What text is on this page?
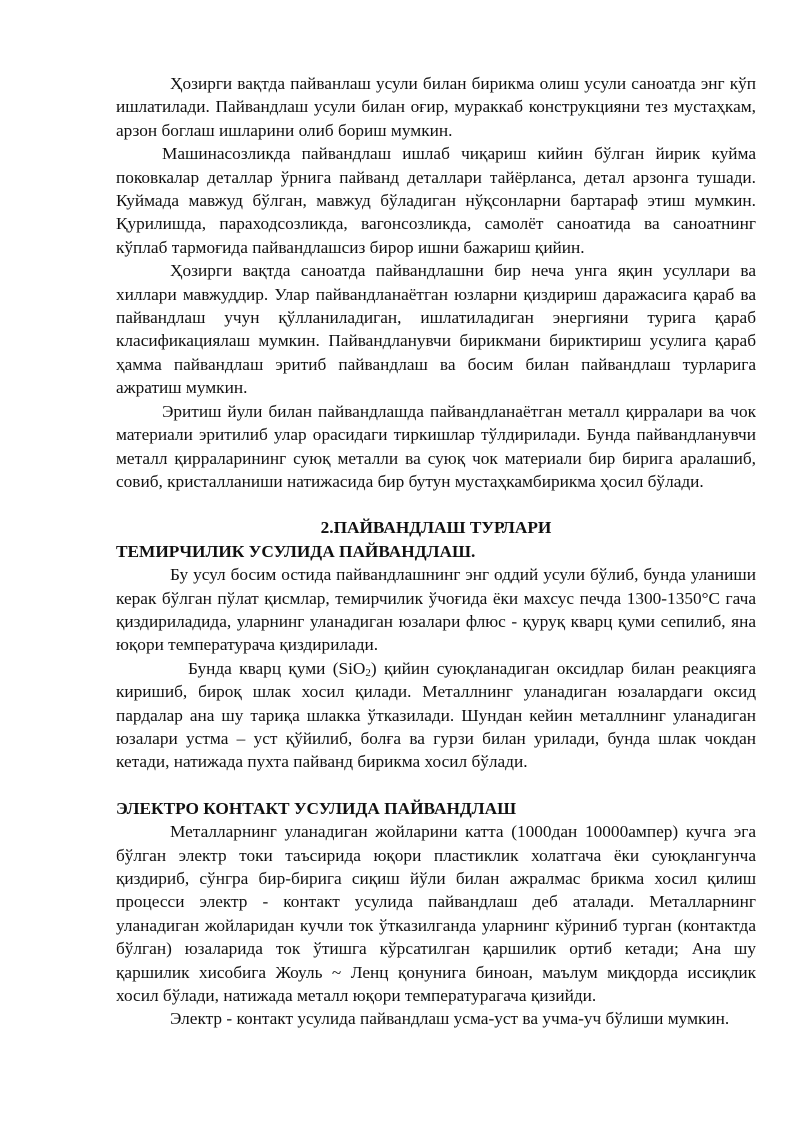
Ҳозирги вақтда пайванлаш усули билан бирикма олиш усули саноатда энг кўп ишлатилади. Пайвандлаш усули билан оғир, мураккаб конструкцияни тез мустаҳкам, арзон боглаш ишларини олиб бориш мумкин.

Машинасозликда пайвандлаш ишлаб чиқариш кийин бўлган йирик куйма поковкалар деталлар ўрнига пайванд деталлари тайёрланса, детал арзонга тушади. Куймада мавжуд бўлган, мавжуд бўладиган нўқсонларни бартараф этиш мумкин. Қурилишда, параходсозликда, вагонсозликда, самолёт саноатида ва саноатнинг кўплаб тармоғида пайвандлашсиз бирор ишни бажариш қийин.

Ҳозирги вақтда саноатда пайвандлашни бир неча унга яқин усуллари ва хиллари мавжуддир. Улар пайвандланаётган юзларни қиздириш даражасига қараб ва пайвандлаш учун қўлланиладиган, ишлатиладиган энергияни турига қараб класификациялаш мумкин. Пайвандланувчи бирикмани бириктириш усулига қараб ҳамма пайвандлаш эритиб пайвандлаш ва босим билан пайвандлаш турларига ажратиш мумкин.

Эритиш йули билан пайвандлашда пайвандланаётган металл қирралари ва чок материали эритилиб улар орасидаги тиркишлар тўлдирилади. Бунда пайвандланувчи металл қирраларининг суюқ металли ва суюқ чок материали бир бирига аралашиб, совиб, кристалланиши натижасида бир бутун мустаҳкамбирикма ҳосил бўлади.

2.ПАЙВАНДЛАШ ТУРЛАРИ

ТЕМИРЧИЛИК УСУЛИДА ПАЙВАНДЛАШ.

Бу усул босим остида пайвандлашнинг энг оддий усули бўлиб, бунда уланиши керак бўлган пўлат қисмлар, темирчилик ўчоғида ёки махсус печда 1300-1350°С гача қиздириладида, уларнинг уланадиган юзалари флюс - қуруқ кварц қуми сепилиб, яна юқори температурача қиздирилади.

Бунда кварц қуми (SiO$_2$) қийин суюқланадиган оксидлар билан реакцияга киришиб, бироқ шлак хосил қилади. Металлнинг уланадиган юзалардаги оксид пардалар ана шу тариқа шлакка ўтказилади. Шундан кейин металлнинг уланадиган юзалари устма – уст қўйилиб, болға ва гурзи билан урилади, бунда шлак чокдан кетади, натижада пухта пайванд бирикма хосил бўлади.

ЭЛЕКТРО КОНТАКТ УСУЛИДА ПАЙВАНДЛАШ

Металларнинг уланадиган жойларини катта (1000дан 10000ампер) кучга эга бўлган электр токи таъсирида юқори пластиклик холатгача ёки суюқлангунча қиздириб, сўнгра бир-бирига сиқиш йўли билан ажралмас брикма хосил қилиш процесси электр - контакт усулида пайвандлаш деб аталади. Металларнинг уланадиган жойларидан кучли ток ўтказилганда уларнинг кўриниб турган (контактда бўлган) юзаларида ток ўтишга кўрсатилган қаршилик ортиб кетади; Ана шу қаршилик хисобига Жоуль ~ Ленц қонунига биноан, маълум миқдорда иссиқлик хосил бўлади, натижада металл юқори температурагача қизийди.

Электр - контакт усулида пайвандлаш усма-уст ва учма-уч бўлиши мумкин.
